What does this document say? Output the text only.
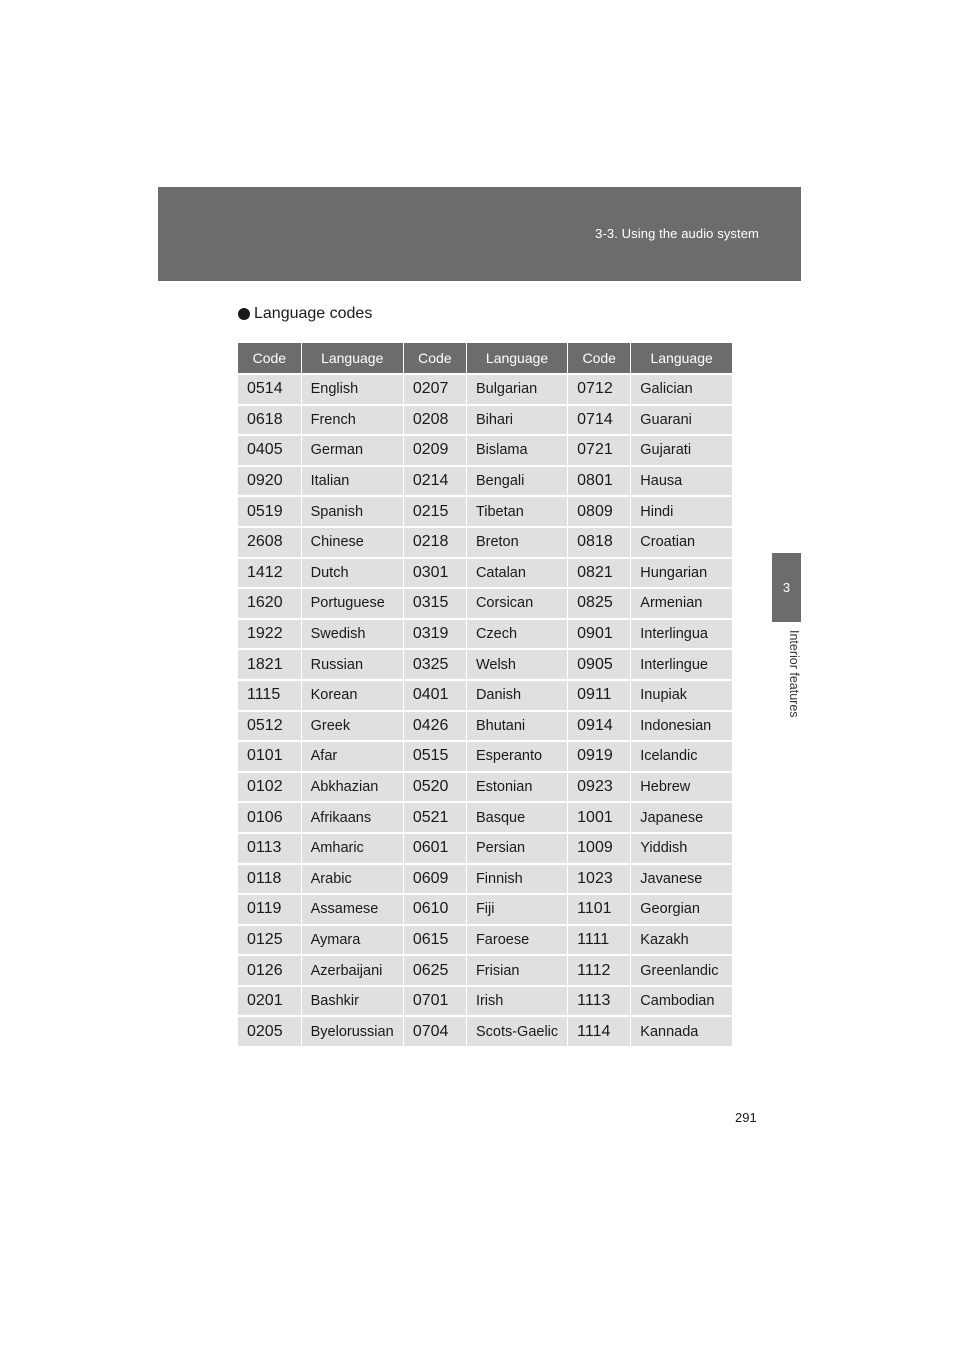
3-3. Using the audio system
3
Interior features
Language codes
Code	Language	Code	Language	Code	Language
0514	English	0207	Bulgarian	0712	Galician
0618	French	0208	Bihari	0714	Guarani
0405	German	0209	Bislama	0721	Gujarati
0920	Italian	0214	Bengali	0801	Hausa
0519	Spanish	0215	Tibetan	0809	Hindi
2608	Chinese	0218	Breton	0818	Croatian
1412	Dutch	0301	Catalan	0821	Hungarian
1620	Portuguese	0315	Corsican	0825	Armenian
1922	Swedish	0319	Czech	0901	Interlingua
1821	Russian	0325	Welsh	0905	Interlingue
1115	Korean	0401	Danish	0911	Inupiak
0512	Greek	0426	Bhutani	0914	Indonesian
0101	Afar	0515	Esperanto	0919	Icelandic
0102	Abkhazian	0520	Estonian	0923	Hebrew
0106	Afrikaans	0521	Basque	1001	Japanese
0113	Amharic	0601	Persian	1009	Yiddish
0118	Arabic	0609	Finnish	1023	Javanese
0119	Assamese	0610	Fiji	1101	Georgian
0125	Aymara	0615	Faroese	1111	Kazakh
0126	Azerbaijani	0625	Frisian	1112	Greenlandic
0201	Bashkir	0701	Irish	1113	Cambodian
0205	Byelorussian	0704	Scots-Gaelic	1114	Kannada
291
